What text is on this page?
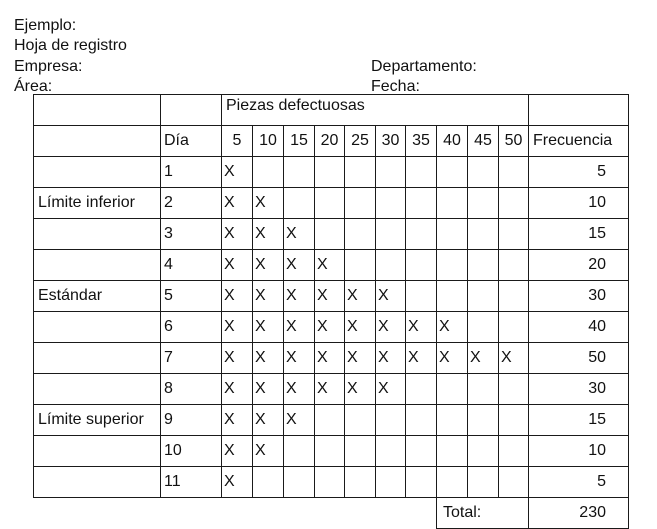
Ejemplo:
Hoja de registro
Empresa:
Área:
Departamento:
Fecha:
		Piezas defectuosas										
	Día	5	10	15	20	25	30	35	40	45	50	Frecuencia
	1	X										5
Límite inferior	2	X	X									10
	3	X	X	X								15
	4	X	X	X	X							20
Estándar	5	X	X	X	X	X	X					30
	6	X	X	X	X	X	X	X	X			40
	7	X	X	X	X	X	X	X	X	X	X	50
	8	X	X	X	X	X	X					30
Límite superior	9	X	X	X								15
	10	X	X									10
	11	X										5
									Total:			230
